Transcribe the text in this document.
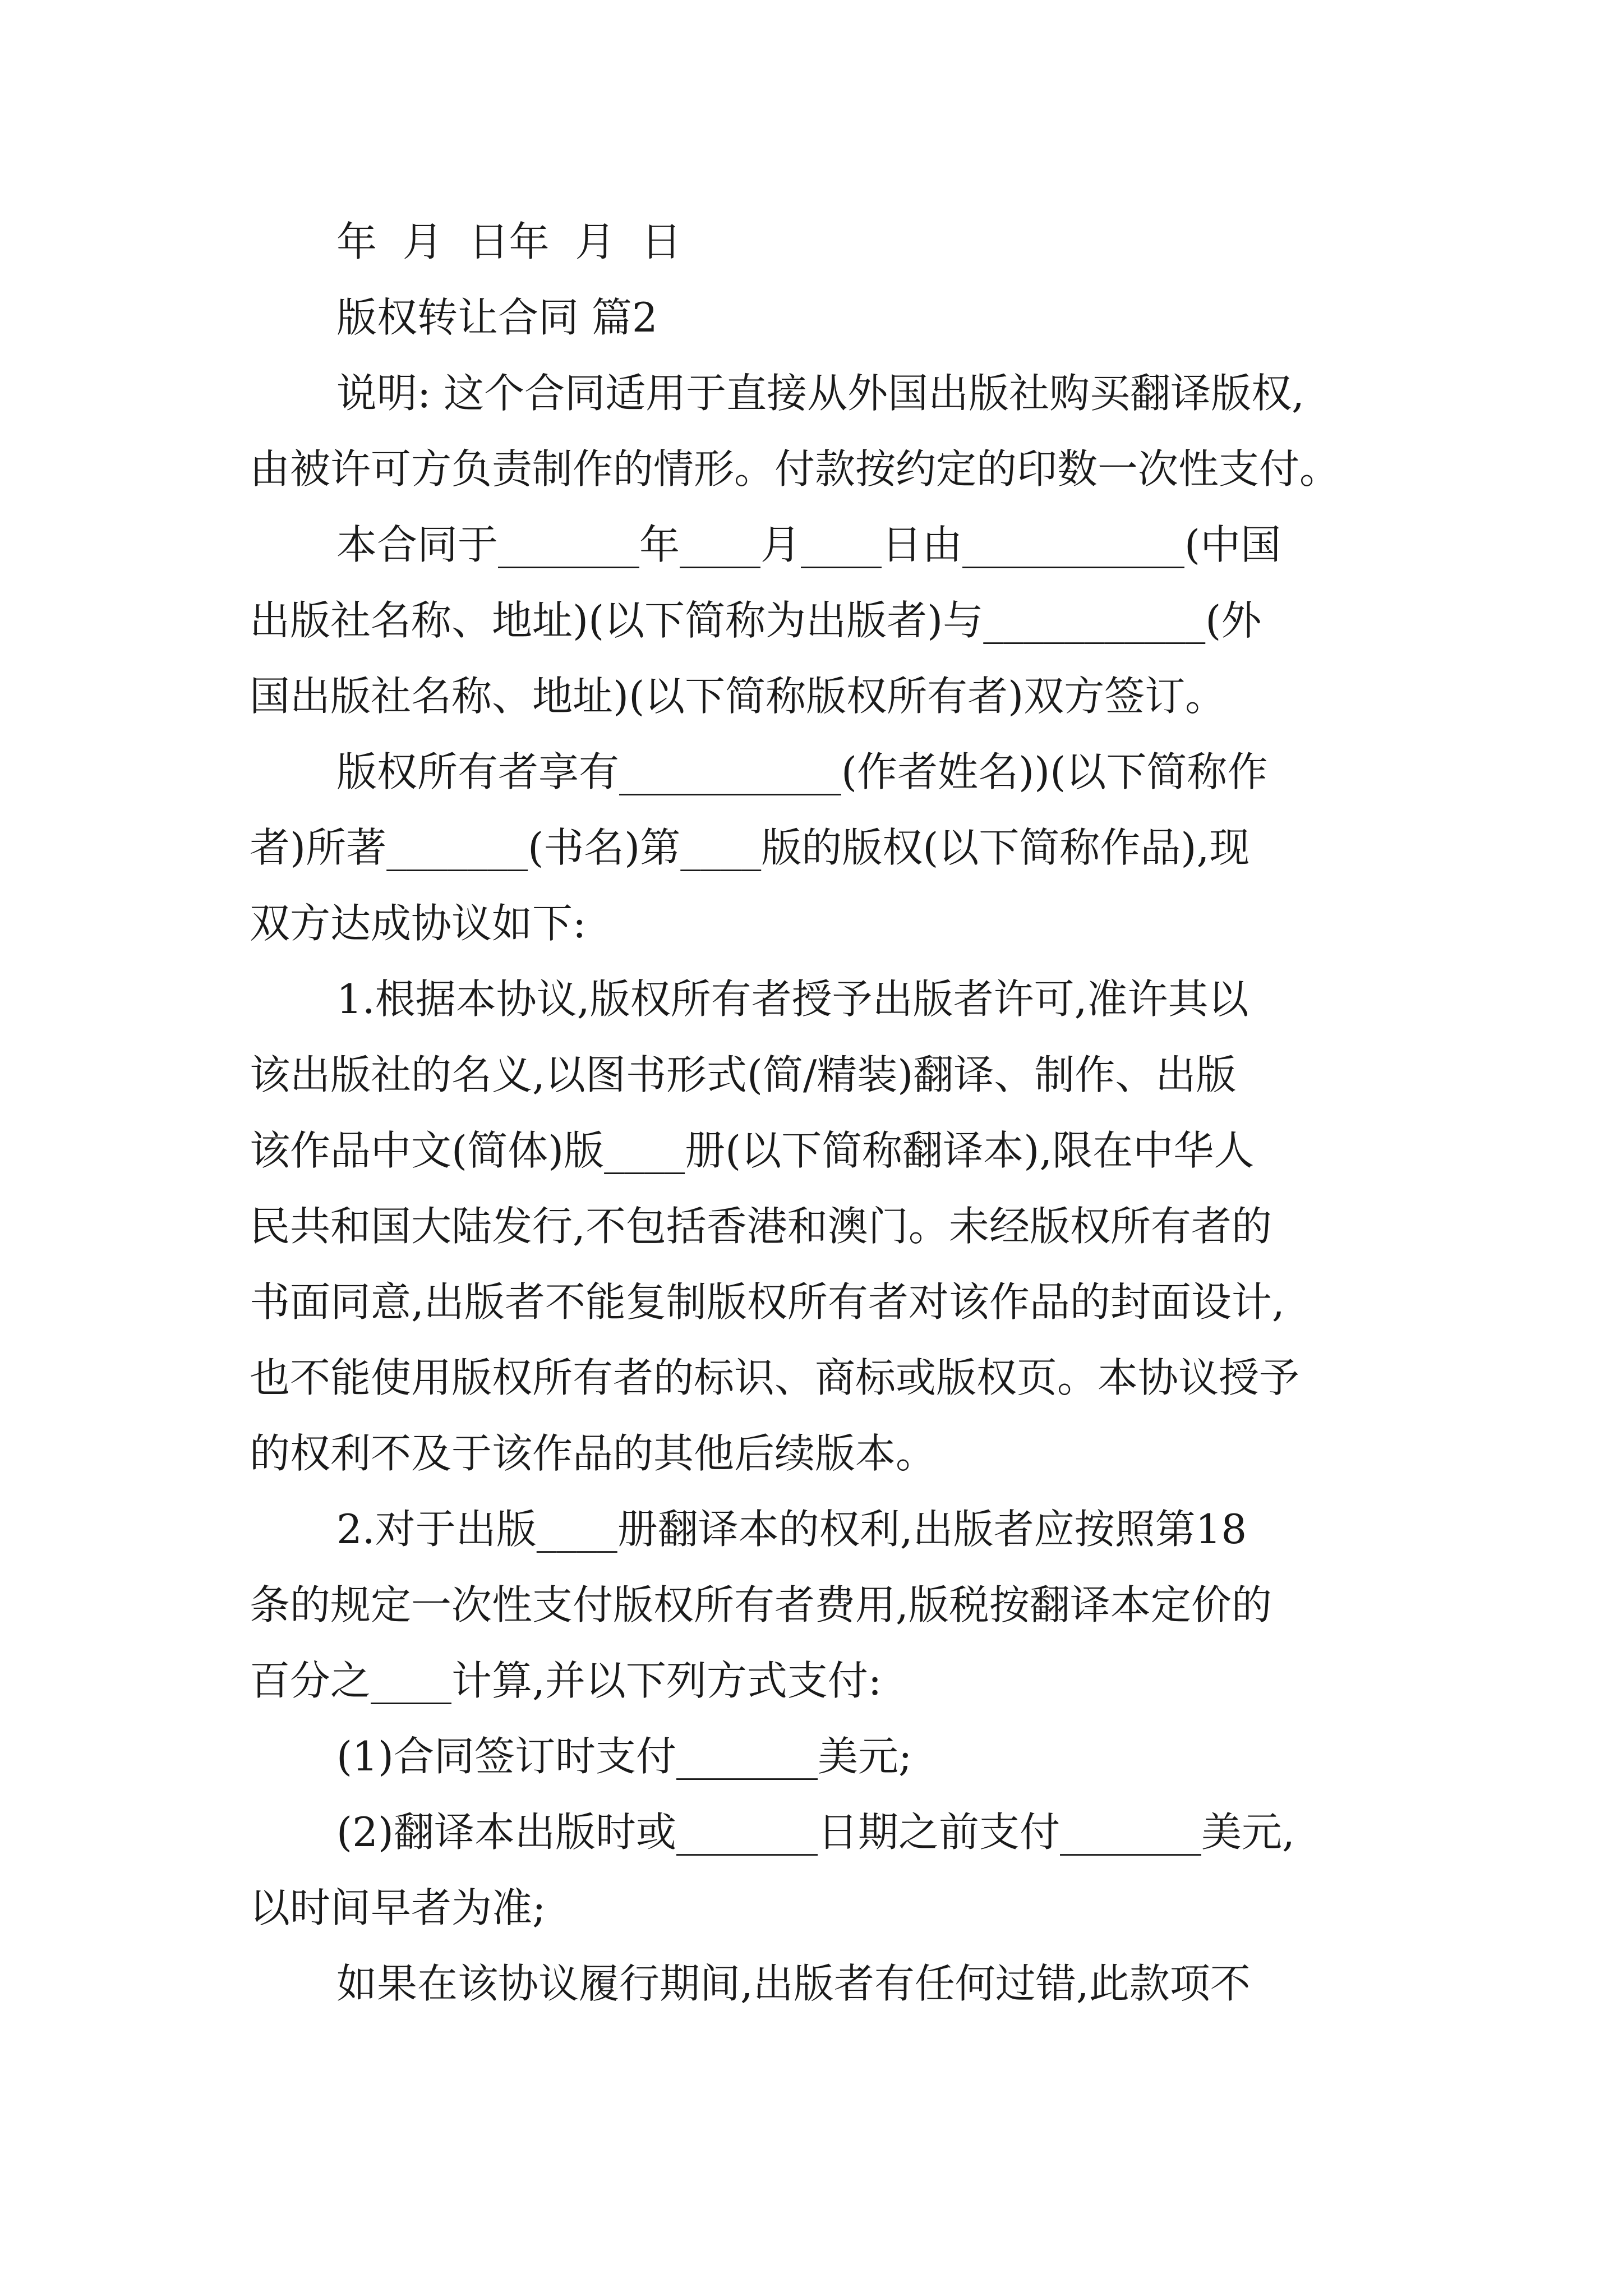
年  月  日年  月  日
版权转让合同 篇2
说明: 这个合同适用于直接从外国出版社购买翻译版权,
由被许可方负责制作的情形。付款按约定的印数一次性支付。
本合同于_______年____月____日由___________(中国
出版社名称、地址)(以下简称为出版者)与___________(外
国出版社名称、地址)(以下简称版权所有者)双方签订。
版权所有者享有___________(作者姓名))(以下简称作
者)所著_______(书名)第____版的版权(以下简称作品),现
双方达成协议如下:
1.根据本协议,版权所有者授予出版者许可,准许其以
该出版社的名义,以图书形式(简/精装)翻译、制作、出版
该作品中文(简体)版____册(以下简称翻译本),限在中华人
民共和国大陆发行,不包括香港和澳门。未经版权所有者的
书面同意,出版者不能复制版权所有者对该作品的封面设计,
也不能使用版权所有者的标识、商标或版权页。本协议授予
的权利不及于该作品的其他后续版本。
2.对于出版____册翻译本的权利,出版者应按照第18
条的规定一次性支付版权所有者费用,版税按翻译本定价的
百分之____计算,并以下列方式支付:
(1)合同签订时支付_______美元;
(2)翻译本出版时或_______日期之前支付_______美元,
以时间早者为准;
如果在该协议履行期间,出版者有任何过错,此款项不
